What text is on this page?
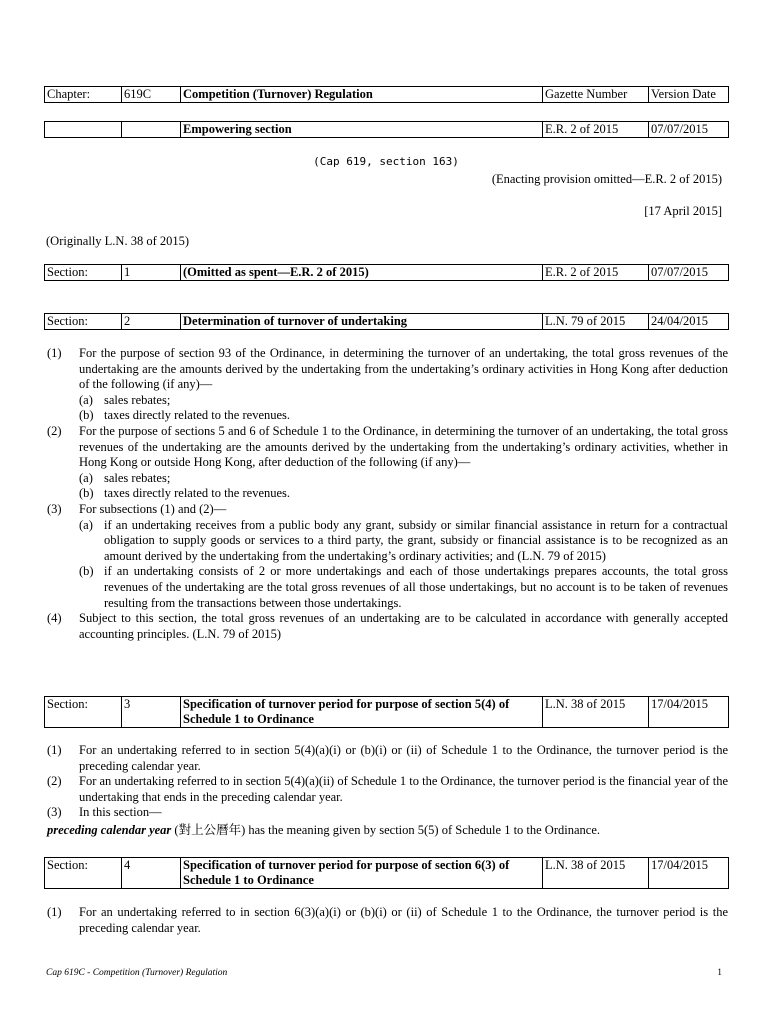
Chapter:	619C	Competition (Turnover) Regulation	Gazette Number	Version Date
		Empowering section	E.R. 2 of 2015	07/07/2015
(Cap 619, section 163)
(Enacting provision omitted—E.R. 2 of 2015)
[17 April 2015]
(Originally L.N. 38 of 2015)
Section:	1	(Omitted as spent—E.R. 2 of 2015)	E.R. 2 of 2015	07/07/2015
Section:	2	Determination of turnover of undertaking	L.N. 79 of 2015	24/04/2015
(1) For the purpose of section 93 of the Ordinance, in determining the turnover of an undertaking, the total gross revenues of the undertaking are the amounts derived by the undertaking from the undertaking’s ordinary activities in Hong Kong after deduction of the following (if any)—
(a) sales rebates;
(b) taxes directly related to the revenues.
(2) For the purpose of sections 5 and 6 of Schedule 1 to the Ordinance, in determining the turnover of an undertaking, the total gross revenues of the undertaking are the amounts derived by the undertaking from the undertaking’s ordinary activities, whether in Hong Kong or outside Hong Kong, after deduction of the following (if any)—
(a) sales rebates;
(b) taxes directly related to the revenues.
(3) For subsections (1) and (2)—
(a) if an undertaking receives from a public body any grant, subsidy or similar financial assistance in return for a contractual obligation to supply goods or services to a third party, the grant, subsidy or financial assistance is to be recognized as an amount derived by the undertaking from the undertaking’s ordinary activities; and (L.N. 79 of 2015)
(b) if an undertaking consists of 2 or more undertakings and each of those undertakings prepares accounts, the total gross revenues of the undertaking are the total gross revenues of all those undertakings, but no account is to be taken of revenues resulting from the transactions between those undertakings.
(4) Subject to this section, the total gross revenues of an undertaking are to be calculated in accordance with generally accepted accounting principles. (L.N. 79 of 2015)
Section:	3	Specification of turnover period for purpose of section 5(4) of Schedule 1 to Ordinance	L.N. 38 of 2015	17/04/2015
(1) For an undertaking referred to in section 5(4)(a)(i) or (b)(i) or (ii) of Schedule 1 to the Ordinance, the turnover period is the preceding calendar year.
(2) For an undertaking referred to in section 5(4)(a)(ii) of Schedule 1 to the Ordinance, the turnover period is the financial year of the undertaking that ends in the preceding calendar year.
(3) In this section—
preceding calendar year (對上公曆年) has the meaning given by section 5(5) of Schedule 1 to the Ordinance.
Section:	4	Specification of turnover period for purpose of section 6(3) of Schedule 1 to Ordinance	L.N. 38 of 2015	17/04/2015
(1) For an undertaking referred to in section 6(3)(a)(i) or (b)(i) or (ii) of Schedule 1 to the Ordinance, the turnover period is the preceding calendar year.
Cap 619C - Competition (Turnover) Regulation	1
